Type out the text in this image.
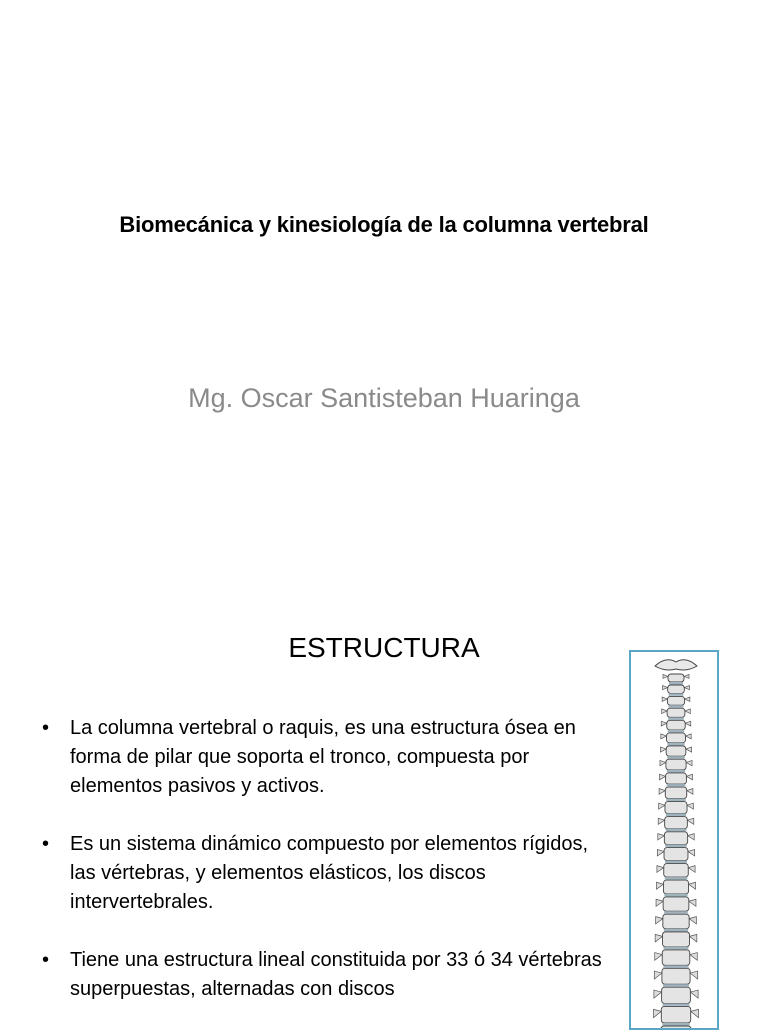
Biomecánica y kinesiología de la columna vertebral
Mg. Oscar Santisteban Huaringa
ESTRUCTURA
• La columna vertebral o raquis, es una estructura ósea en forma de pilar que soporta el tronco, compuesta por elementos pasivos y activos.
• Es un sistema dinámico compuesto por elementos rígidos, las vértebras, y elementos elásticos, los discos intervertebrales.
• Tiene una estructura lineal constituida por 33 ó 34 vértebras superpuestas, alternadas con discos
